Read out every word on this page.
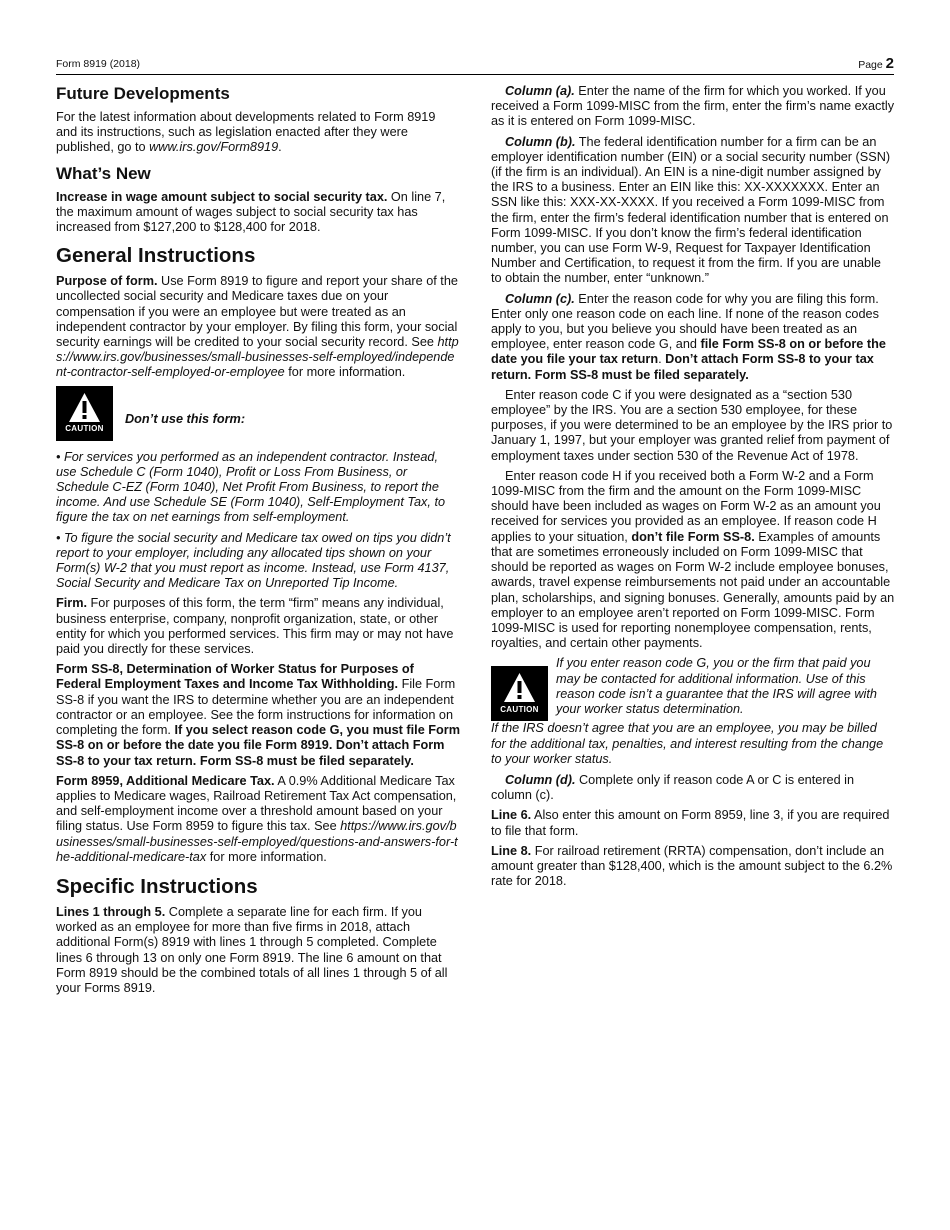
Form 8919 (2018)	Page 2
Future Developments

For the latest information about developments related to Form 8919 and its instructions, such as legislation enacted after they were published, go to www.irs.gov/Form8919.

What’s New

Increase in wage amount subject to social security tax. On line 7, the maximum amount of wages subject to social security tax has increased from $127,200 to $128,400 for 2018.

General Instructions

Purpose of form. Use Form 8919 to figure and report your share of the uncollected social security and Medicare taxes due on your compensation if you were an employee but were treated as an independent contractor by your employer. By filing this form, your social security earnings will be credited to your social security record. See https://www.irs.gov/businesses/small-businesses-self-employed/independent-contractor-self-employed-or-employee for more information.

CAUTION
Don’t use this form:

• For services you performed as an independent contractor. Instead, use Schedule C (Form 1040), Profit or Loss From Business, or Schedule C-EZ (Form 1040), Net Profit From Business, to report the income. And use Schedule SE (Form 1040), Self-Employment Tax, to figure the tax on net earnings from self-employment.

• To figure the social security and Medicare tax owed on tips you didn’t report to your employer, including any allocated tips shown on your Form(s) W-2 that you must report as income. Instead, use Form 4137, Social Security and Medicare Tax on Unreported Tip Income.

Firm. For purposes of this form, the term “firm” means any individual, business enterprise, company, nonprofit organization, state, or other entity for which you performed services. This firm may or may not have paid you directly for these services.

Form SS-8, Determination of Worker Status for Purposes of Federal Employment Taxes and Income Tax Withholding. File Form SS-8 if you want the IRS to determine whether you are an independent contractor or an employee. See the form instructions for information on completing the form. If you select reason code G, you must file Form SS-8 on or before the date you file Form 8919. Don’t attach Form SS-8 to your tax return. Form SS-8 must be filed separately.

Form 8959, Additional Medicare Tax. A 0.9% Additional Medicare Tax applies to Medicare wages, Railroad Retirement Tax Act compensation, and self-employment income over a threshold amount based on your filing status. Use Form 8959 to figure this tax. See https://www.irs.gov/businesses/small-businesses-self-employed/questions-and-answers-for-the-additional-medicare-tax for more information.

Specific Instructions

Lines 1 through 5. Complete a separate line for each firm. If you worked as an employee for more than five firms in 2018, attach additional Form(s) 8919 with lines 1 through 5 completed. Complete lines 6 through 13 on only one Form 8919. The line 6 amount on that Form 8919 should be the combined totals of all lines 1 through 5 of all your Forms 8919.

Column (a). Enter the name of the firm for which you worked. If you received a Form 1099-MISC from the firm, enter the firm’s name exactly as it is entered on Form 1099-MISC.

Column (b). The federal identification number for a firm can be an employer identification number (EIN) or a social security number (SSN) (if the firm is an individual). An EIN is a nine-digit number assigned by the IRS to a business. Enter an EIN like this: XX-XXXXXXX. Enter an SSN like this: XXX-XX-XXXX. If you received a Form 1099-MISC from the firm, enter the firm’s federal identification number that is entered on Form 1099-MISC. If you don’t know the firm’s federal identification number, you can use Form W-9, Request for Taxpayer Identification Number and Certification, to request it from the firm. If you are unable to obtain the number, enter “unknown.”

Column (c). Enter the reason code for why you are filing this form. Enter only one reason code on each line. If none of the reason codes apply to you, but you believe you should have been treated as an employee, enter reason code G, and file Form SS-8 on or before the date you file your tax return. Don’t attach Form SS-8 to your tax return. Form SS-8 must be filed separately.

Enter reason code C if you were designated as a “section 530 employee” by the IRS. You are a section 530 employee, for these purposes, if you were determined to be an employee by the IRS prior to January 1, 1997, but your employer was granted relief from payment of employment taxes under section 530 of the Revenue Act of 1978.

Enter reason code H if you received both a Form W-2 and a Form 1099-MISC from the firm and the amount on the Form 1099-MISC should have been included as wages on Form W-2 as an amount you received for services you provided as an employee. If reason code H applies to your situation, don’t file Form SS-8. Examples of amounts that are sometimes erroneously included on Form 1099-MISC that should be reported as wages on Form W-2 include employee bonuses, awards, travel expense reimbursements not paid under an accountable plan, scholarships, and signing bonuses. Generally, amounts paid by an employer to an employee aren’t reported on Form 1099-MISC. Form 1099-MISC is used for reporting nonemployee compensation, rents, royalties, and certain other payments.

CAUTION
If you enter reason code G, you or the firm that paid you may be contacted for additional information. Use of this reason code isn’t a guarantee that the IRS will agree with your worker status determination.

If the IRS doesn’t agree that you are an employee, you may be billed for the additional tax, penalties, and interest resulting from the change to your worker status.

Column (d). Complete only if reason code A or C is entered in column (c).

Line 6. Also enter this amount on Form 8959, line 3, if you are required to file that form.

Line 8. For railroad retirement (RRTA) compensation, don’t include an amount greater than $128,400, which is the amount subject to the 6.2% rate for 2018.
